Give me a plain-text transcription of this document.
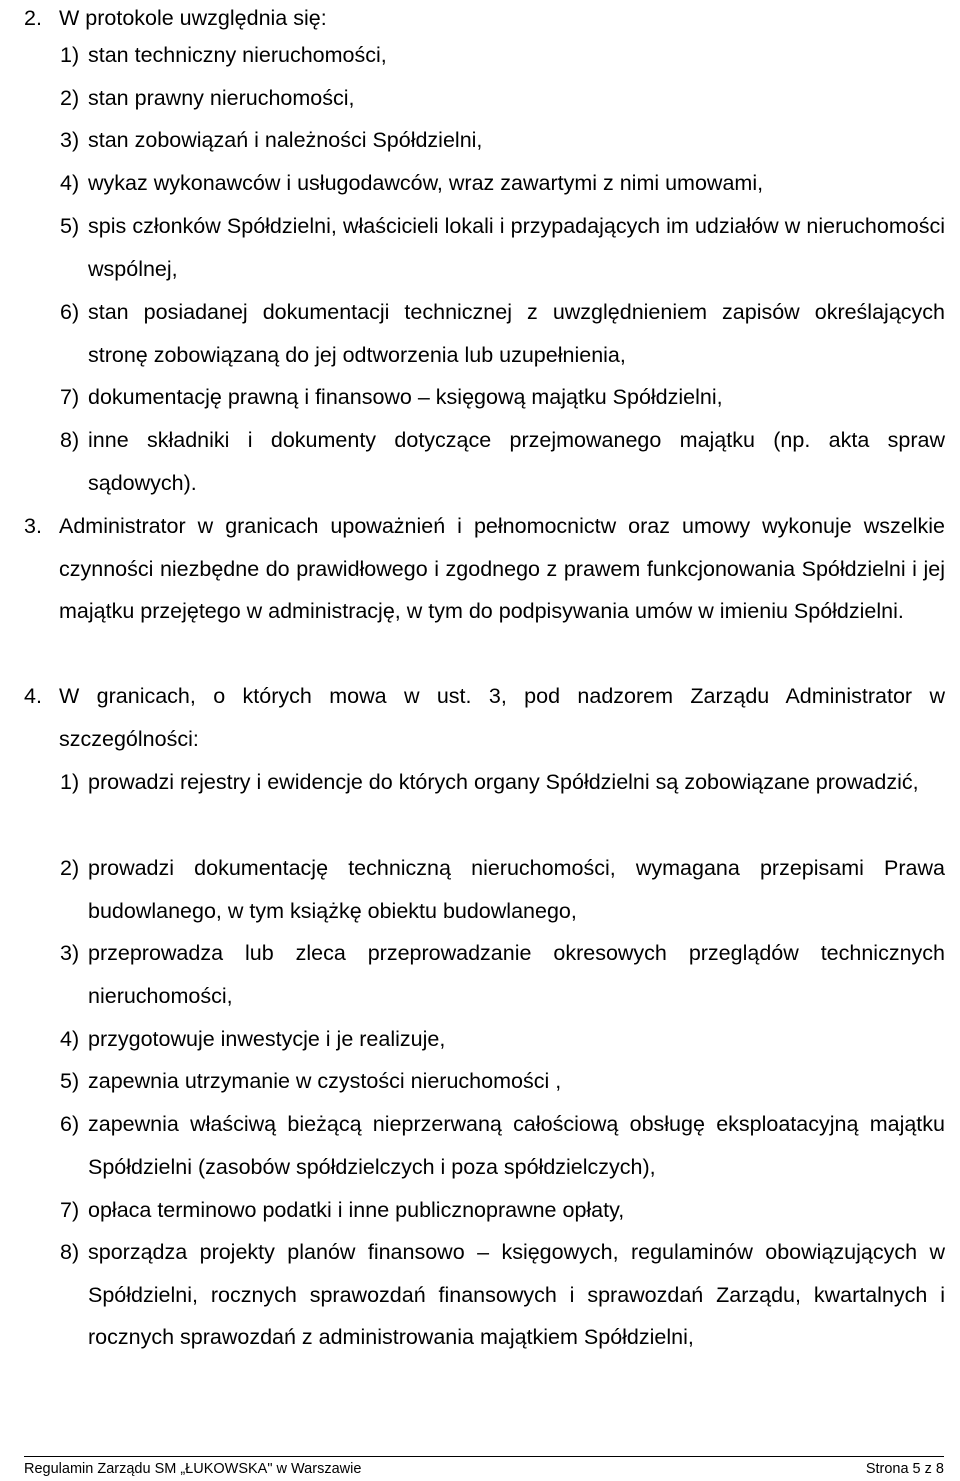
2. W protokole uwzględnia się:
1) stan techniczny nieruchomości,
2) stan prawny nieruchomości,
3) stan zobowiązań i należności Spółdzielni,
4) wykaz wykonawców i usługodawców, wraz zawartymi z nimi umowami,
5) spis członków Spółdzielni, właścicieli lokali i przypadających im udziałów w nieruchomości wspólnej,
6) stan posiadanej dokumentacji technicznej z uwzględnieniem zapisów określających stronę zobowiązaną do jej odtworzenia lub uzupełnienia,
7) dokumentację prawną i finansowo – księgową majątku Spółdzielni,
8) inne składniki i dokumenty dotyczące przejmowanego majątku (np. akta spraw sądowych).
3. Administrator w granicach upoważnień i pełnomocnictw oraz umowy wykonuje wszelkie czynności niezbędne do prawidłowego i zgodnego z prawem funkcjonowania Spółdzielni i jej majątku przejętego w administrację, w tym do podpisywania umów w imieniu Spółdzielni.
4. W granicach, o których mowa w ust. 3, pod nadzorem Zarządu Administrator w szczególności:
1) prowadzi rejestry i ewidencje do których organy Spółdzielni są zobowiązane prowadzić,
2) prowadzi dokumentację techniczną nieruchomości, wymagana przepisami Prawa budowlanego, w tym książkę obiektu budowlanego,
3) przeprowadza lub zleca przeprowadzanie okresowych przeglądów technicznych nieruchomości,
4) przygotowuje inwestycje i je realizuje,
5) zapewnia utrzymanie w czystości nieruchomości ,
6) zapewnia właściwą bieżącą nieprzerwaną całościową obsługę eksploatacyjną majątku Spółdzielni (zasobów spółdzielczych i poza spółdzielczych),
7) opłaca terminowo podatki i inne publicznoprawne opłaty,
8) sporządza projekty planów finansowo – księgowych, regulaminów obowiązujących w Spółdzielni, rocznych sprawozdań finansowych i sprawozdań Zarządu, kwartalnych i rocznych sprawozdań z administrowania majątkiem Spółdzielni,
Regulamin Zarządu SM „ŁUKOWSKA" w Warszawie	Strona 5 z 8
